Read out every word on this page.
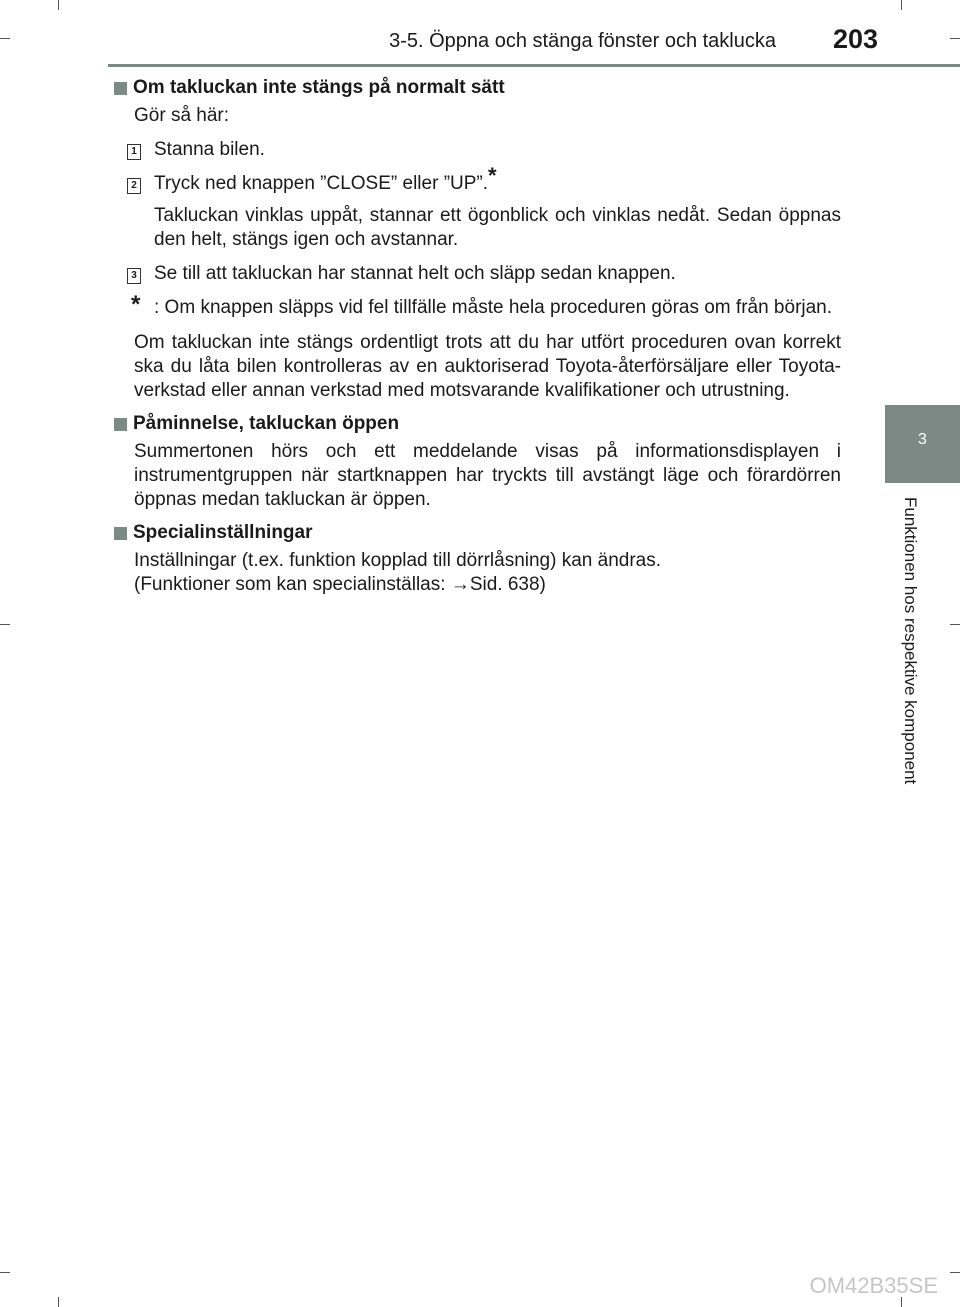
3-5. Öppna och stänga fönster och taklucka 203
3
Funktionen hos respektive komponent
Om takluckan inte stängs på normalt sätt
Gör så här:
1 Stanna bilen.
2 Tryck ned knappen ”CLOSE” eller ”UP”.*
Takluckan vinklas uppåt, stannar ett ögonblick och vinklas nedåt. Sedan öppnas den helt, stängs igen och avstannar.
3 Se till att takluckan har stannat helt och släpp sedan knappen.
* : Om knappen släpps vid fel tillfälle måste hela proceduren göras om från början.
Om takluckan inte stängs ordentligt trots att du har utfört proceduren ovan korrekt ska du låta bilen kontrolleras av en auktoriserad Toyota-återförsäljare eller Toyota-verkstad eller annan verkstad med motsvarande kvalifikationer och utrustning.
Påminnelse, takluckan öppen
Summertonen hörs och ett meddelande visas på informationsdisplayen i instrumentgruppen när startknappen har tryckts till avstängt läge och förardörren öppnas medan takluckan är öppen.
Specialinställningar
Inställningar (t.ex. funktion kopplad till dörrlåsning) kan ändras.
(Funktioner som kan specialinställas: →Sid. 638)
OM42B35SE
